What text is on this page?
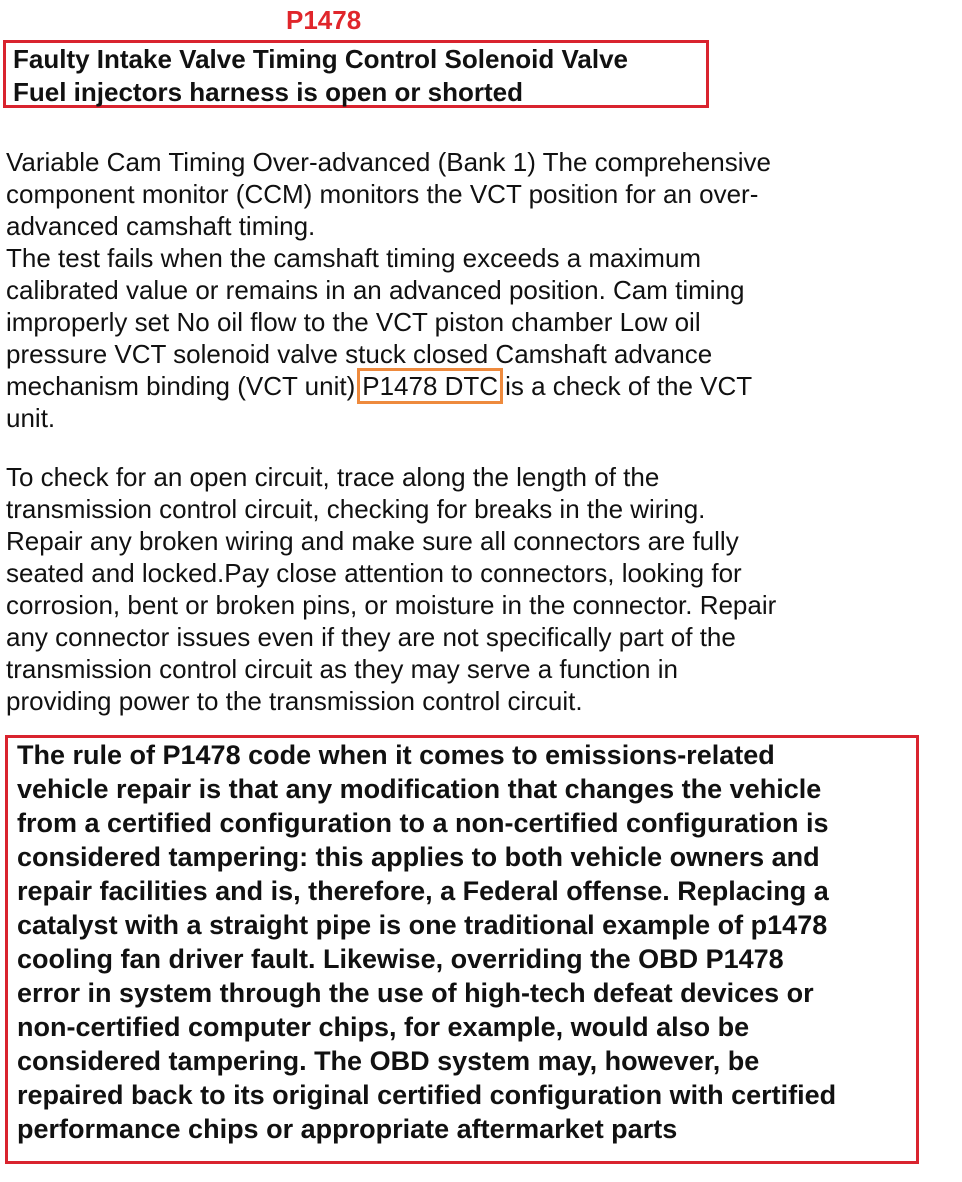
P1478
Faulty Intake Valve Timing Control Solenoid Valve
Fuel injectors harness is open or shorted
Variable Cam Timing Over-advanced (Bank 1) The comprehensive
component monitor (CCM) monitors the VCT position for an over-
advanced camshaft timing.
The test fails when the camshaft timing exceeds a maximum
calibrated value or remains in an advanced position. Cam timing
improperly set No oil flow to the VCT piston chamber Low oil
pressure VCT solenoid valve stuck closed Camshaft advance
mechanism binding (VCT unit) P1478 DTC is a check of the VCT
unit.
To check for an open circuit, trace along the length of the
transmission control circuit, checking for breaks in the wiring.
Repair any broken wiring and make sure all connectors are fully
seated and locked.Pay close attention to connectors, looking for
corrosion, bent or broken pins, or moisture in the connector. Repair
any connector issues even if they are not specifically part of the
transmission control circuit as they may serve a function in
providing power to the transmission control circuit.
The rule of P1478 code when it comes to emissions-related
vehicle repair is that any modification that changes the vehicle
from a certified configuration to a non-certified configuration is
considered tampering: this applies to both vehicle owners and
repair facilities and is, therefore, a Federal offense. Replacing a
catalyst with a straight pipe is one traditional example of p1478
cooling fan driver fault. Likewise, overriding the OBD P1478
error in system through the use of high-tech defeat devices or
non-certified computer chips, for example, would also be
considered tampering. The OBD system may, however, be
repaired back to its original certified configuration with certified
performance chips or appropriate aftermarket parts
